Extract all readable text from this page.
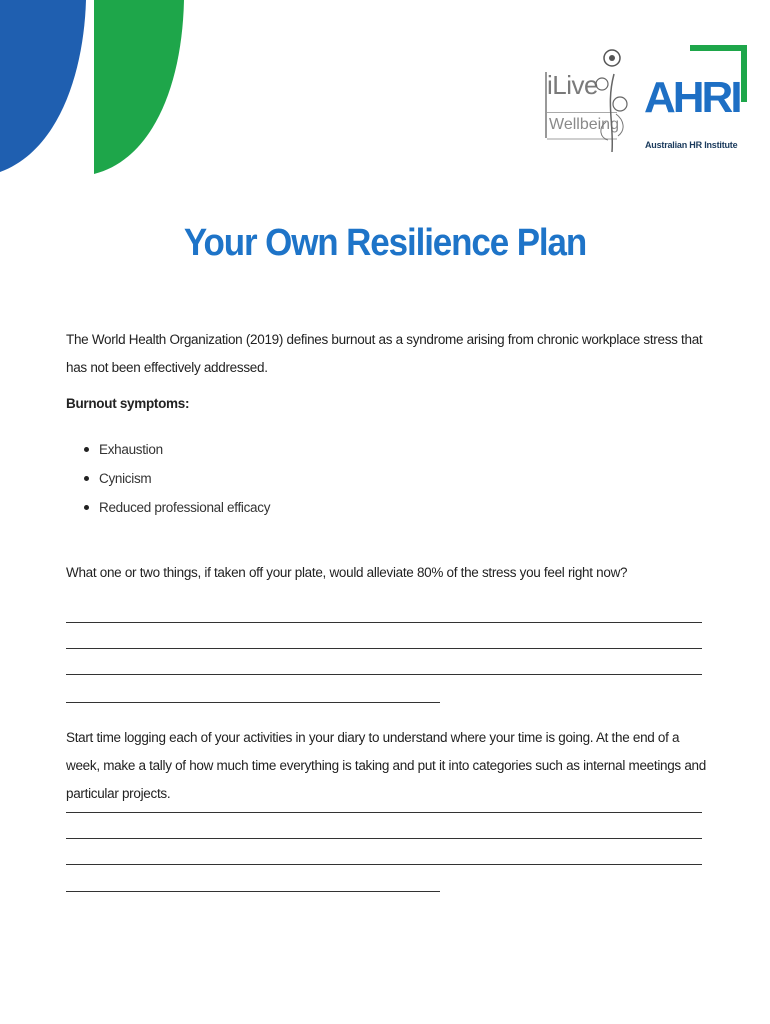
iLive
Wellbeing
AHRI
Australian HR Institute
Your Own Resilience Plan
The World Health Organization (2019) defines burnout as a syndrome arising from chronic workplace stress that has not been effectively addressed.
Burnout symptoms:
Exhaustion
Cynicism
Reduced professional efficacy
What one or two things, if taken off your plate, would alleviate 80% of the stress you feel right now?
Start time logging each of your activities in your diary to understand where your time is going. At the end of a week, make a tally of how much time everything is taking and put it into categories such as internal meetings and particular projects.
